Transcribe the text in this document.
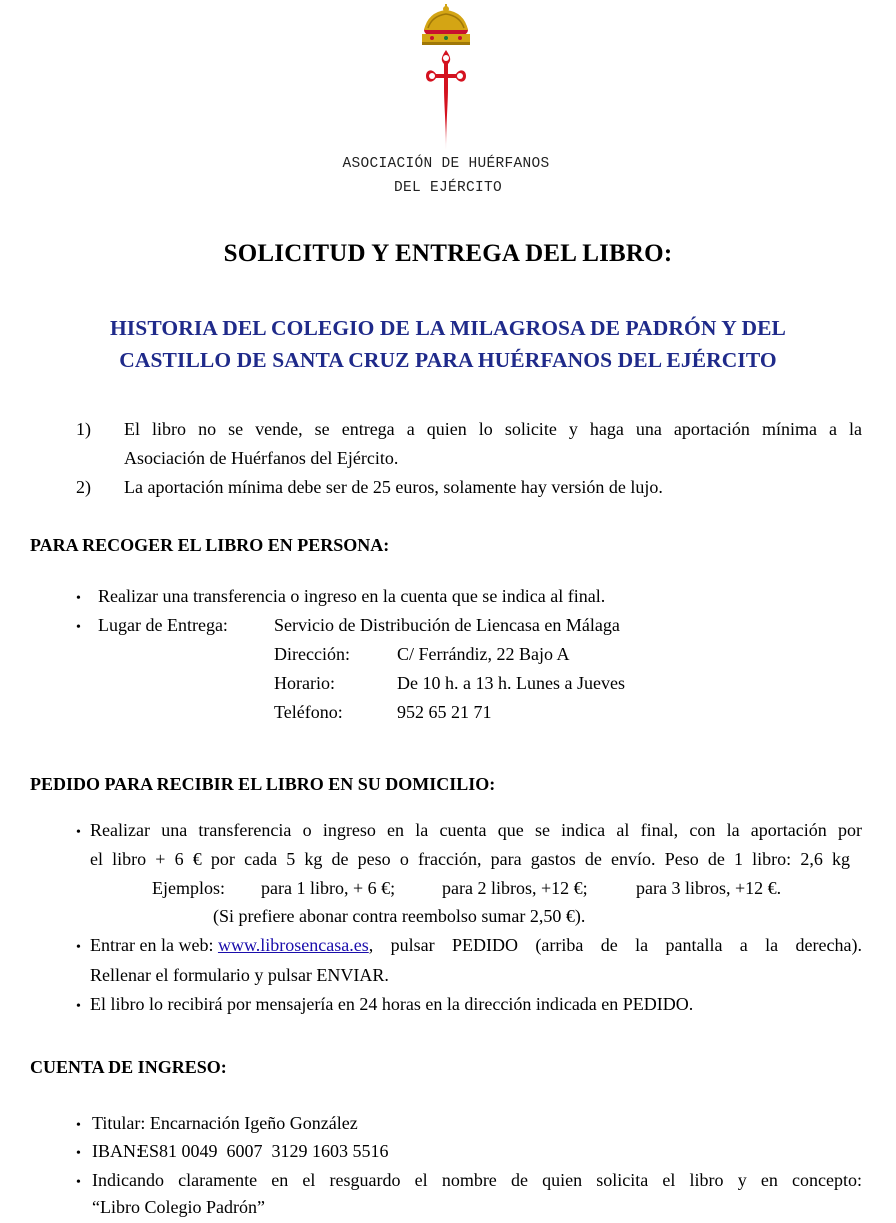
ASOCIACIÓN DE HUÉRFANOS
DEL EJÉRCITO
SOLICITUD Y ENTREGA DEL LIBRO:
HISTORIA DEL COLEGIO DE LA MILAGROSA DE PADRÓN Y DEL
CASTILLO DE SANTA CRUZ PARA HUÉRFANOS DEL EJÉRCITO
1) El libro no se vende, se entrega a quien lo solicite y haga una aportación mínima a la
Asociación de Huérfanos del Ejército.
2) La aportación mínima debe ser de 25 euros, solamente hay versión de lujo.
PARA RECOGER EL LIBRO EN PERSONA:
• Realizar una transferencia o ingreso en la cuenta que se indica al final.
• Lugar de Entrega:	Servicio de Distribución de Liencasa en Málaga
Dirección:	C/ Ferrándiz, 22 Bajo A
Horario:	De 10 h. a 13 h. Lunes a Jueves
Teléfono:	952 65 21 71
PEDIDO PARA RECIBIR EL LIBRO EN SU DOMICILIO:
• Realizar una transferencia o ingreso en la cuenta que se indica al final, con la aportación por
el libro + 6 € por cada 5 kg de peso o fracción, para gastos de envío. Peso de 1 libro: 2,6 kg
Ejemplos: para 1 libro, + 6 €;	para 2 libros, +12 €;	para 3 libros, +12 €.
(Si prefiere abonar contra reembolso sumar 2,50 €).
• Entrar en la web: www.librosencasa.es , pulsar PEDIDO (arriba de la pantalla a la derecha).
Rellenar el formulario y pulsar ENVIAR.
• El libro lo recibirá por mensajería en 24 horas en la dirección indicada en PEDIDO.
CUENTA DE INGRESO:
• Titular: Encarnación Igeño González
• IBAN:
ES81 0049  6007  3129 1603 5516
• Indicando claramente en el resguardo el nombre de quien solicita el libro y en concepto:
“Libro Colegio Padrón”
